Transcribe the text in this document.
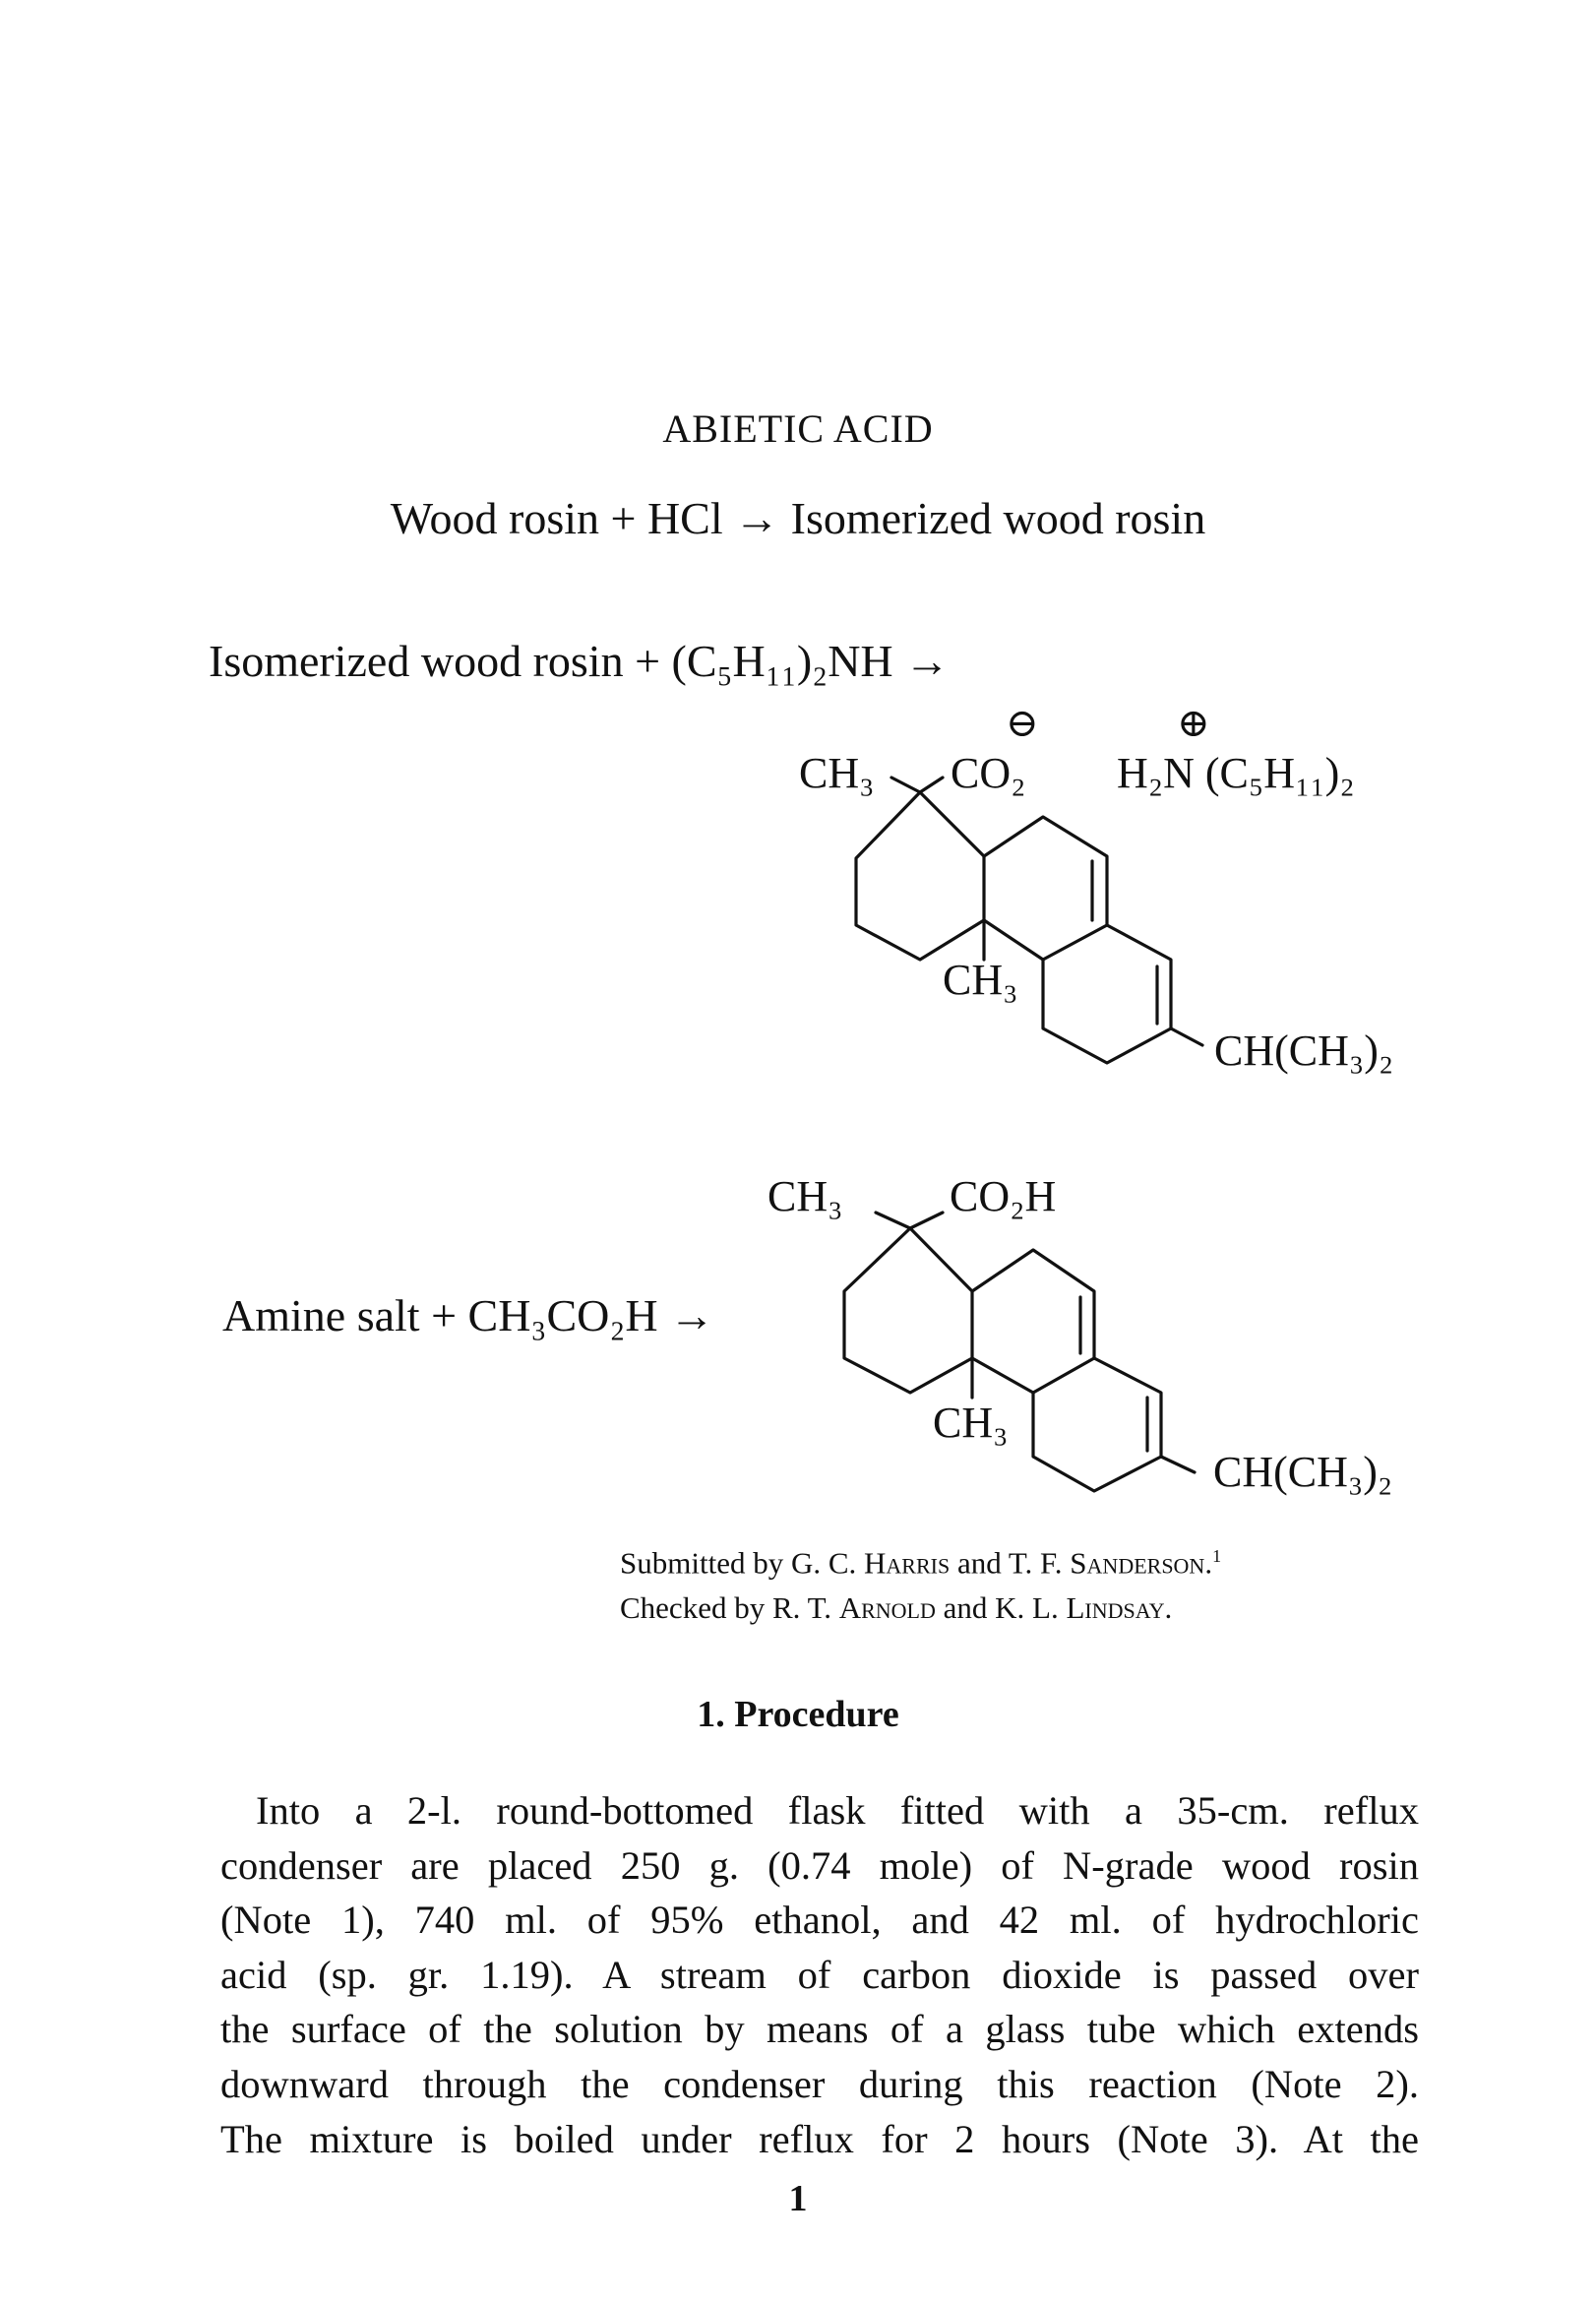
ABIETIC ACID
Wood rosin + HCl → Isomerized wood rosin
Isomerized wood rosin + (C₅H₁₁)₂NH →
⊖	⊕
CH₃ CO₂ H₂N (C₅H₁₁)₂
CH₃
CH(CH₃)₂
Amine salt + CH₃CO₂H →
CH₃ CO₂H
CH₃
CH(CH₃)₂
Submitted by G. C. Harris and T. F. Sanderson.$^1$
Checked by R. T. Arnold and K. L. Lindsay.
1. Procedure
Into a 2-l. round-bottomed flask fitted with a 35-cm. reflux
condenser are placed 250 g. (0.74 mole) of N-grade wood rosin
(Note 1), 740 ml. of 95% ethanol, and 42 ml. of hydrochloric
acid (sp. gr. 1.19). A stream of carbon dioxide is passed over
the surface of the solution by means of a glass tube which extends
downward through the condenser during this reaction (Note 2).
The mixture is boiled under reflux for 2 hours (Note 3). At the
1
